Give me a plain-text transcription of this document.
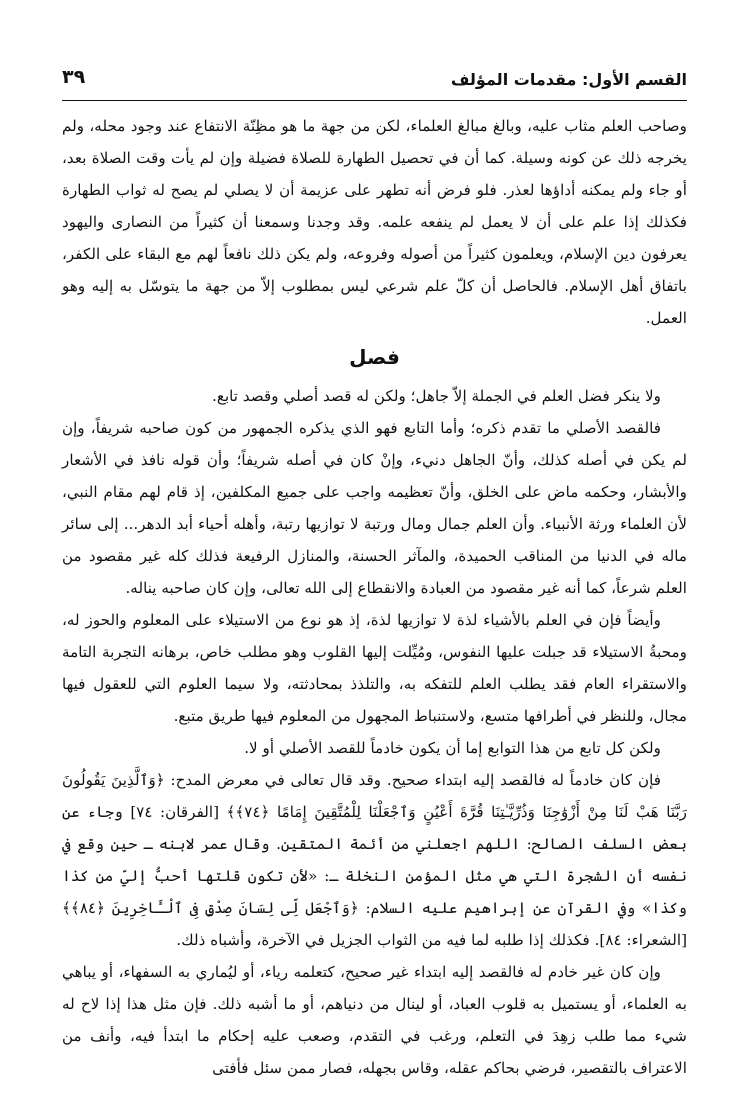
القسم الأول: مقدمات المؤلف
٣٩

وصاحب العلم مثاب عليه، وبالغ مبالغ العلماء، لكن من جهة ما هو مظِنّة الانتفاع عند وجود محله، ولم يخرجه ذلك عن كونه وسيلة. كما أن في تحصيل الطهارة للصلاة فضيلة وإن لم يأت وقت الصلاة بعد، أو جاء ولم يمكنه أداؤها لعذر. فلو فرض أنه تطهر على عزيمة أن لا يصلي لم يصح له ثواب الطهارة فكذلك إذا علم على أن لا يعمل لم ينفعه علمه. وقد وجدنا وسمعنا أن كثيراً من النصارى واليهود يعرفون دين الإسلام، ويعلمون كثيراً من أصوله وفروعه، ولم يكن ذلك نافعاً لهم مع البقاء على الكفر، باتفاق أهل الإسلام. فالحاصل أن كلّ علم شرعي ليس بمطلوب إلاّ من جهة ما يتوسّل به إليه وهو العمل.

فصل

ولا ينكر فضل العلم في الجملة إلاّ جاهل؛ ولكن له قصد أصلي وقصد تابع.

فالقصد الأصلي ما تقدم ذكره؛ وأما التابع فهو الذي يذكره الجمهور من كون صاحبه شريفاً، وإن لم يكن في أصله كذلك، وأنّ الجاهل دنيء، وإنْ كان في أصله شريفاً؛ وأن قوله نافذ في الأشعار والأبشار، وحكمه ماض على الخلق، وأنّ تعظيمه واجب على جميع المكلفين، إذ قام لهم مقام النبي، لأن العلماء ورثة الأنبياء. وأن العلم جمال ومال ورتبة لا توازيها رتبة، وأهله أحياء أبد الدهر... إلى سائر ماله في الدنيا من المناقب الحميدة، والمآثر الحسنة، والمنازل الرفيعة فذلك كله غير مقصود من العلم شرعاً، كما أنه غير مقصود من العبادة والانقطاع إلى الله تعالى، وإن كان صاحبه يناله.

وأيضاً فإن في العلم بالأشياء لذة لا توازيها لذة، إذ هو نوع من الاستيلاء على المعلوم والحوز له، ومحبةُ الاستيلاء قد جبلت عليها النفوس، ومُيِّلت إليها القلوب وهو مطلب خاص، برهانه التجربة التامة والاستقراء العام فقد يطلب العلم للتفكه به، والتلذذ بمحادثته، ولا سيما العلوم التي للعقول فيها مجال، وللنظر في أطرافها متسع، ولاستنباط المجهول من المعلوم فيها طريق متبع.

ولكن كل تابع من هذا التوابع إما أن يكون خادماً للقصد الأصلي أو لا.

فإن كان خادماً له فالقصد إليه ابتداء صحيح. وقد قال تعالى في معرض المدح: ﴿وَٱلَّذِينَ يَقُولُونَ رَبَّنَا هَبْ لَنَا مِنْ أَزْوَٰجِنَا وَذُرِّيَّـٰتِنَا قُرَّةَ أَعْيُنٍ وَٱجْعَلْنَا لِلْمُتَّقِينَ إِمَامًا ﴿٧٤﴾﴾ [الفرقان: ٧٤] وجاء عن بعض السلف الصالح: اللهم اجعلني من أئمة المتقين. وقال عمر لابنه ـ حين وقع في نفسه أن الشجرة التي هي مثل المؤمن النخلة ـ: «لأن تكون قلتها أحبُّ إليّ من كذا وكذا» وفي القرآن عن إبراهيم عليه السلام: ﴿وَٱجْعَل لِّى لِسَانَ صِدْقٍ فِى ٱلْـَٔاخِرِينَ ﴿٨٤﴾﴾ [الشعراء: ٨٤]. فكذلك إذا طلبه لما فيه من الثواب الجزيل في الآخرة، وأشباه ذلك.

وإن كان غير خادم له فالقصد إليه ابتداء غير صحيح، كتعلمه رياء، أو ليُماري به السفهاء، أو يباهي به العلماء، أو يستميل به قلوب العباد، أو لينال من دنياهم، أو ما أشبه ذلك. فإن مثل هذا إذا لاح له شيء مما طلب زهِدَ في التعلم، ورغب في التقدم، وصعب عليه إحكام ما ابتدأ فيه، وأنف من الاعتراف بالتقصير، فرضي بحاكم عقله، وقاس بجهله، فصار ممن سئل فأفتى
